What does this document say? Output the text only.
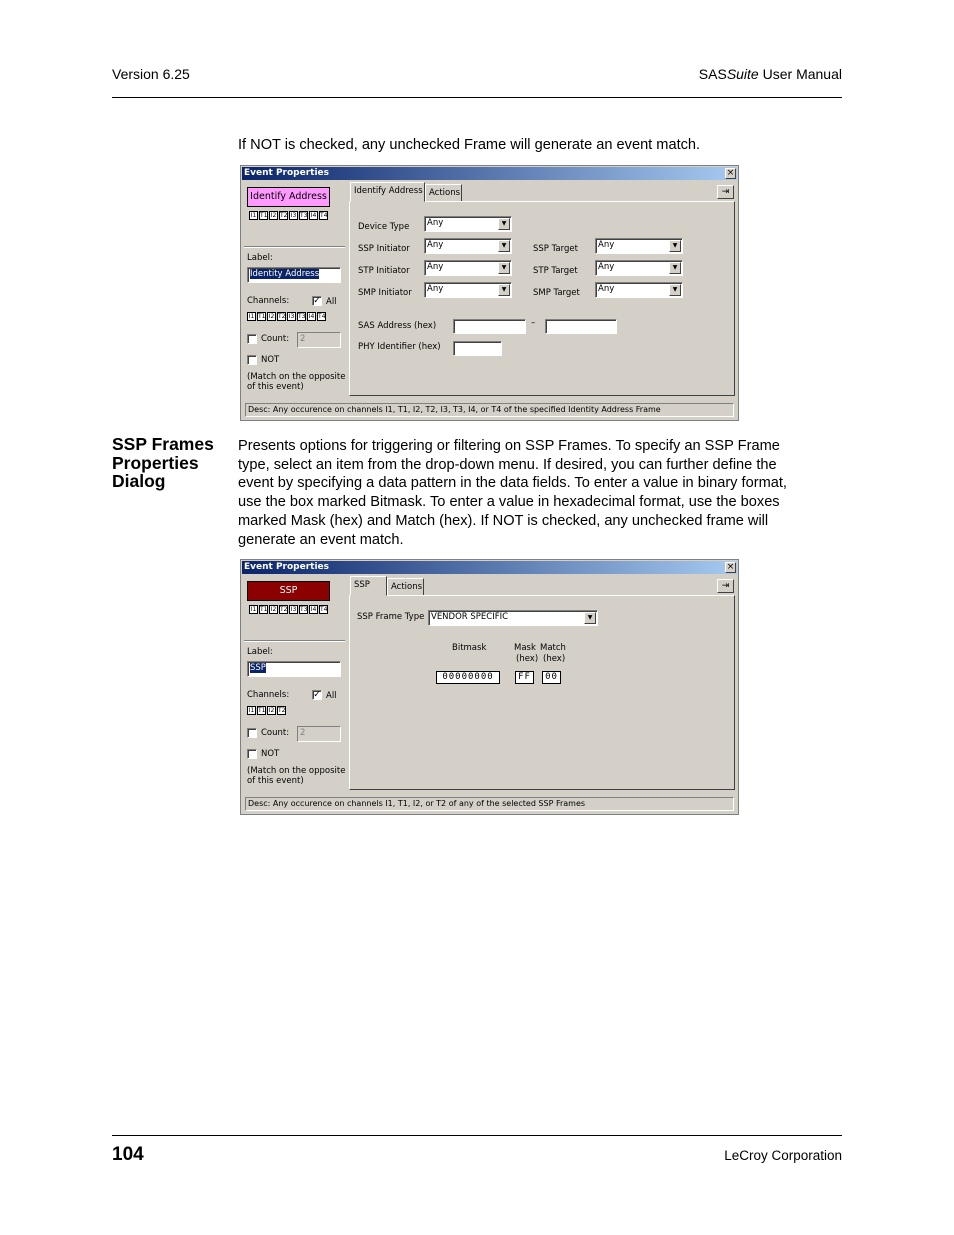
Version 6.25	SASSuite User Manual
If NOT is checked, any unchecked Frame will generate an event match.
Event Properties	×
Identify Address
I1 T1 I2 T2 I3 T3 I4 T4
Label:
Identity Address
Channels:	✓ All
I1 T1 I2 T2 I3 T3 I4 T4
Count:	2
NOT
(Match on the opposite
of this event)
Identify Address Actions	⇥
Device Type	Any	▼
SSP Initiator	Any	▼
STP Initiator	Any	▼
SMP Initiator	Any	▼
SSP Target	Any	▼
STP Target	Any	▼
SMP Target	Any	▼
SAS Address (hex)	–
PHY Identifier (hex)
Desc: Any occurence on channels I1, T1, I2, T2, I3, T3, I4, or T4 of the specified Identity Address Frame
SSP Frames
Properties
Dialog
Presents options for triggering or filtering on SSP Frames. To specify an SSP Frame
type, select an item from the drop-down menu. If desired, you can further define the
event by specifying a data pattern in the data fields. To enter a value in binary format,
use the box marked Bitmask. To enter a value in hexadecimal format, use the boxes
marked Mask (hex) and Match (hex). If NOT is checked, any unchecked frame will
generate an event match.
Event Properties	×
SSP
I1 T1 I2 T2 I3 T3 I4 T4
Label:
SSP
Channels:	✓ All
I1 T1 I2 T2
Count:	2
NOT
(Match on the opposite
of this event)
SSP	Actions	⇥
SSP Frame Type VENDOR SPECIFIC	▼
Bitmask	Mask
(hex)
Match
(hex)
00000000	FF	00
Desc: Any occurence on channels I1, T1, I2, or T2 of any of the selected SSP Frames
104	LeCroy Corporation
